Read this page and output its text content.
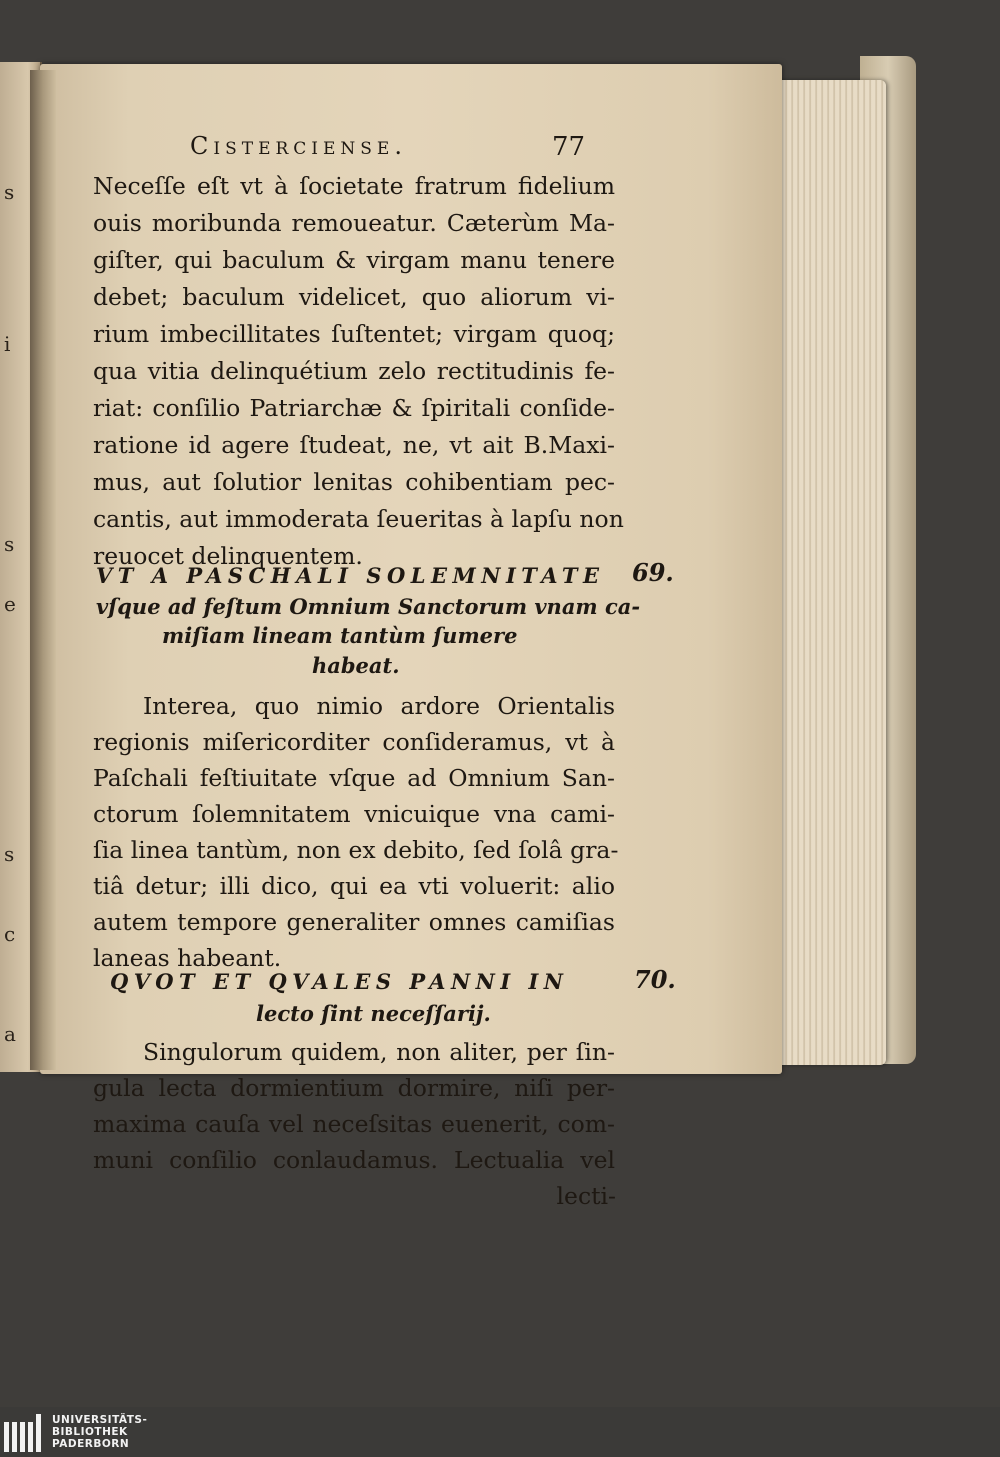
s
i
s
e
s
c
a
Cistercienſe.	77
Neceſſe eſt vt à ſocietate fratrum fidelium
ouis moribunda remoueatur. Cæterùm Ma-
giſter, qui baculum & virgam manu tenere
debet; baculum videlicet, quo aliorum vi-
rium imbecillitates ſuſtentet; virgam quoq;
qua vitia delinquétium zelo rectitudinis fe-
riat: conſilio Patriarchæ & ſpiritali conſide-
ratione id agere ſtudeat, ne, vt ait B.Maxi-
mus, aut ſolutior lenitas cohibentiam pec-
cantis, aut immoderata ſeueritas à lapſu non
reuocet delinquentem.
VT A PASCHALI SOLEMNITATE	69.
vſque ad feſtum Omnium Sanctorum vnam ca-
miſiam lineam tantùm ſumere
habeat.
Interea, quo nimio ardore Orientalis
regionis miſericorditer conſideramus, vt à
Paſchali feſtiuitate vſque ad Omnium San-
ctorum ſolemnitatem vnicuique vna cami-
ſia linea tantùm, non ex debito, ſed ſolâ gra-
tiâ detur; illi dico, qui ea vti voluerit: alio
autem tempore generaliter omnes camiſias
laneas habeant.
QVOT ET QVALES PANNI IN	70.
lecto ſint neceſſarij.
Singulorum quidem, non aliter, per ſin-
gula lecta dormientium dormire, niſi per-
maxima cauſa vel neceſsitas euenerit, com-
muni conſilio conlaudamus. Lectualia vel
lecti-
UNIVERSITÄTS-
BIBLIOTHEK
PADERBORN
